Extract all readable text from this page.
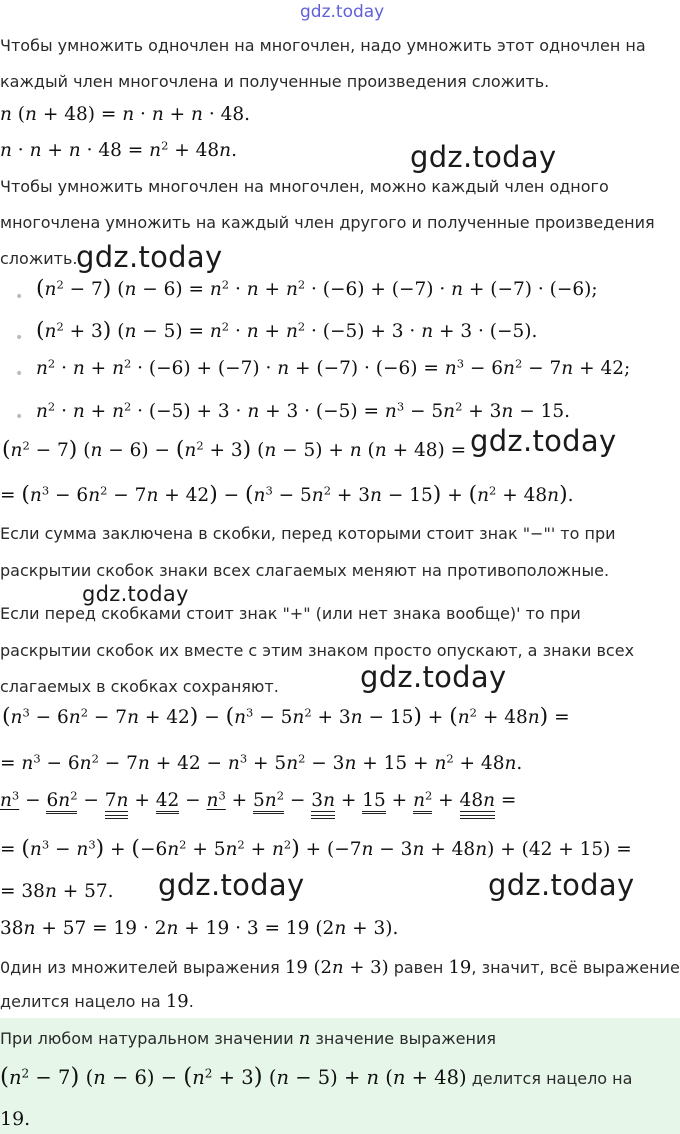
gdz.today
Чтобы умножить одночлен на многочлен, надо умножить этот одночлен на
каждый член многочлена и полученные произведения сложить.
n (n + 48) = n · n + n · 48.
$n \cdot n + n \cdot 48 = n^2 + 48n$.	gdz.today
Чтобы умножить многочлен на многочлен, можно каждый член одного
многочлена умножить на каждый член другого и полученные произведения
сложить.
gdz.today
• $(n^2 - 7) (n - 6) = n^2 \cdot n + n^2 \cdot (-6) + (-7) \cdot n + (-7) \cdot (-6)$;
• $(n^2 + 3) (n - 5) = n^2 \cdot n + n^2 \cdot (-5) + 3 \cdot n + 3 \cdot (-5)$.
• $n^2 \cdot n + n^2 \cdot (-6) + (-7) \cdot n + (-7) \cdot (-6) = n^3 - 6n^2 - 7n + 42$;
• $n^2 \cdot n + n^2 \cdot (-5) + 3 \cdot n + 3 \cdot (-5) = n^3 - 5n^2 + 3n - 15$.
$(n^2 - 7) (n - 6) - (n^2 + 3) (n - 5) + n$ (n + 48) = gdz.today
= $(n^3 - 6n^2 - 7n + 42) - (n^3 - 5n^2 + 3n - 15) + (n^2 + 48n)$.
Если сумма заключена в скобки, перед которыми стоит знак "−"' то при
раскрытии скобок знаки всех слагаемых меняют на противоположные.
gdz.today
Если перед скобками стоит знак "+" (или нет знака вообще)' то при
раскрытии скобок их вместе с этим знаком просто опускают, а знаки всех
слагаемых в скобках сохраняют.	gdz.today
$(n^3 - 6n^2 - 7n + 42) - (n^3 - 5n^2 + 3n - 15) + (n^2 + 48n)$ =
= $n^3 - 6n^2 - 7n + 42 - n^3 + 5n^2 - 3n + 15 + n^2 + 48n$.
$n^3 - 6n^2 - 7n + 42 - n^3 + 5n^2 - 3n + 15 + n^2 + 48n$ =
= $(n^3 - n^3) + (-6n^2 + 5n^2 + n^2) + (-7n - 3n + 48n) + (42 + 15)$ =
= 38n + 57. gdz.today	gdz.today
38n + 57 = 19 · 2n + 19 · 3 = 19 (2n + 3).
0дин из множителей выражения 19 (2n + 3) равен 19, значит, всё выражение
делится нацело на 19.
При любом натуральном значении n значение выражения
$(n^2 - 7) (n - 6) - (n^2 + 3) (n - 5) + n$ (n + 48) делится нацело на
19.
